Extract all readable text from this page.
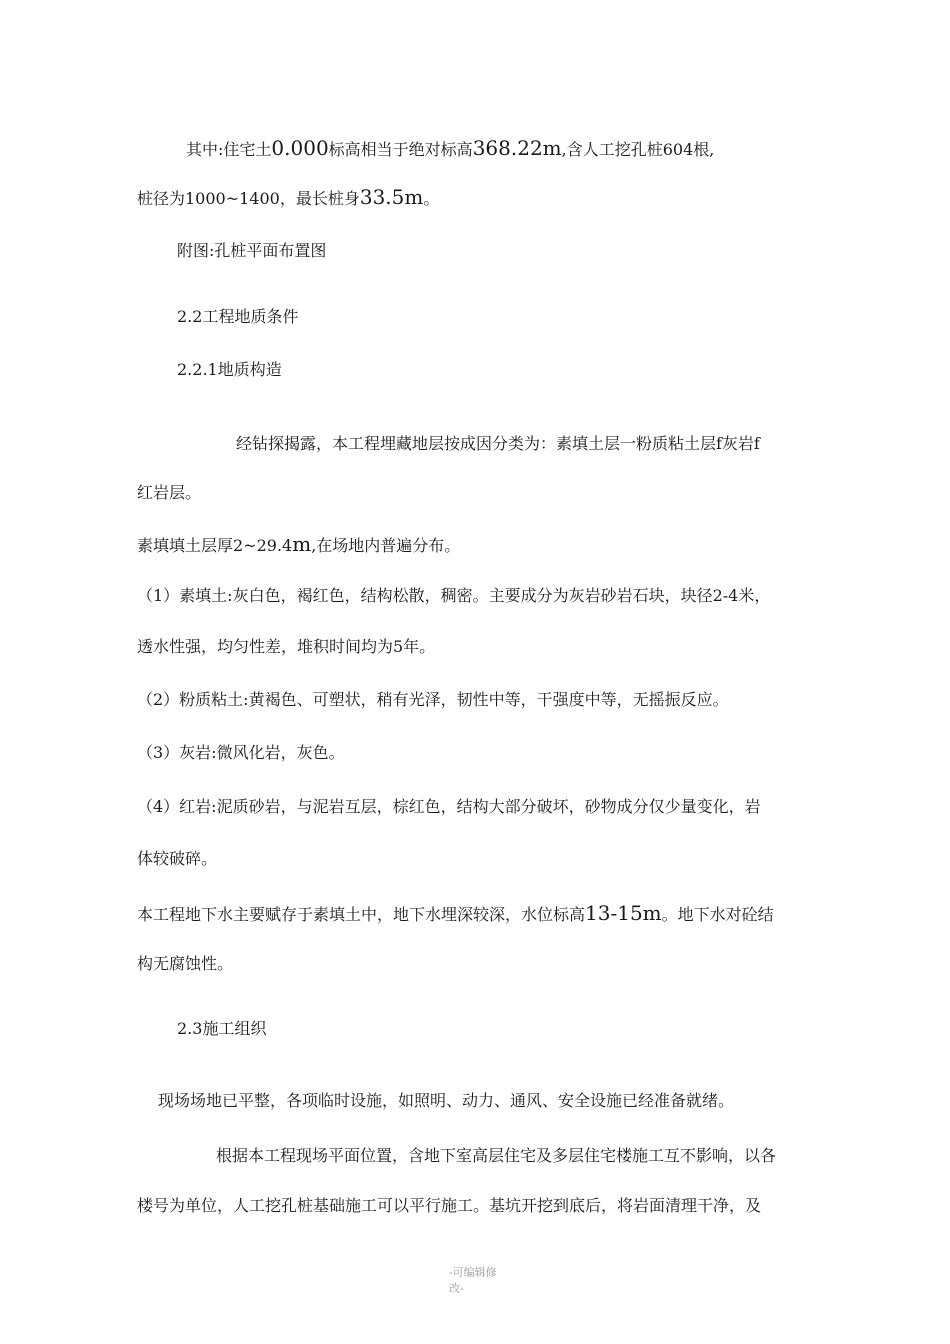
其中:住宅土0.000标高相当于绝对标高368.22m,含人工挖孔桩604根,
桩径为1000~1400，最长桩身33.5m。
附图:孔桩平面布置图
2.2工程地质条件
2.2.1地质构造
经钻探揭露，本工程埋藏地层按成因分类为：素填土层一粉质粘土层f灰岩f
红岩层。
素填填土层厚2~29.4m,在场地内普遍分布。
（1）素填土:灰白色，褐红色，结构松散，稠密。主要成分为灰岩砂岩石块，块径2-4米，
透水性强，均匀性差，堆积时间均为5年。
（2）粉质粘土:黄褐色、可塑状，稍有光泽，韧性中等，干强度中等，无摇振反应。
（3）灰岩:微风化岩，灰色。
（4）红岩:泥质砂岩，与泥岩互层，棕红色，结构大部分破坏，砂物成分仅少量变化，岩
体较破碎。
本工程地下水主要赋存于素填土中，地下水埋深较深，水位标高13-15m。地下水对砼结
构无腐蚀性。
2.3施工组织
现场场地已平整，各项临时设施，如照明、动力、通风、安全设施已经准备就绪。
根据本工程现场平面位置，含地下室高层住宅及多层住宅楼施工互不影响，以各
楼号为单位，人工挖孔桩基础施工可以平行施工。基坑开挖到底后，将岩面清理干净，及
-可编辑修
改-
